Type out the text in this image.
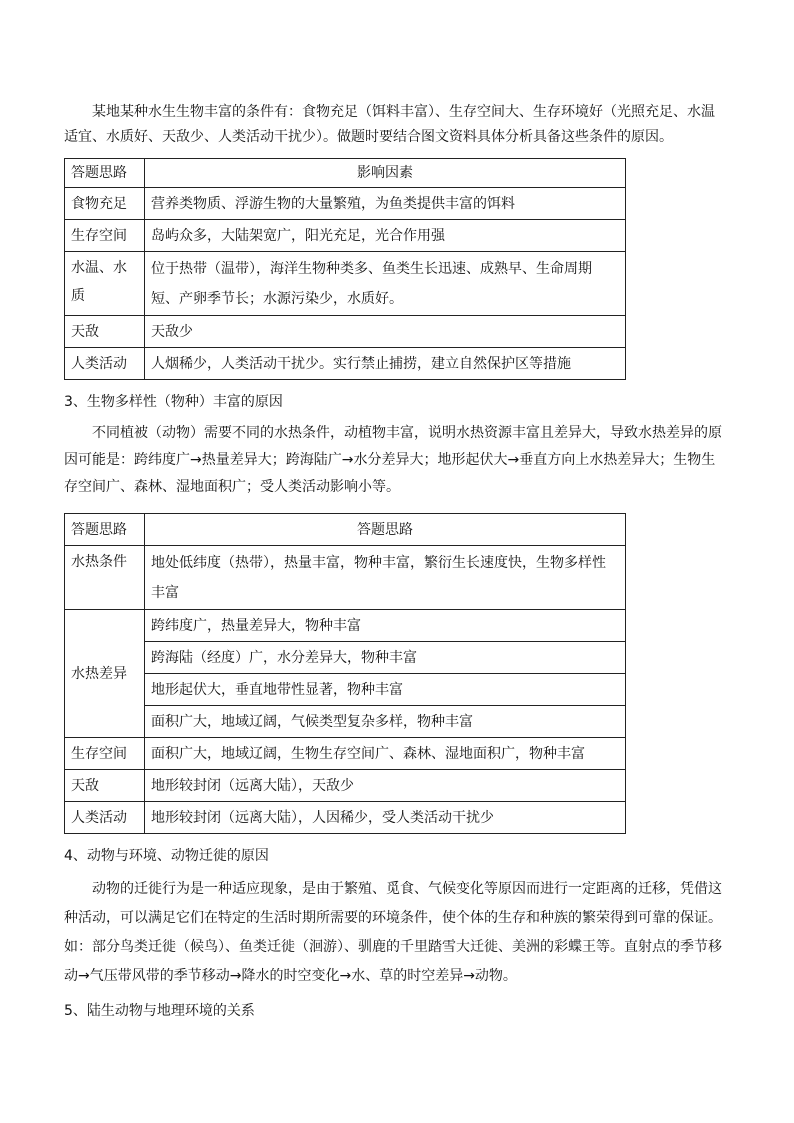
某地某种水生生物丰富的条件有：食物充足（饵料丰富）、生存空间大、生存环境好（光照充足、水温适宜、水质好、天敌少、人类活动干扰少）。做题时要结合图文资料具体分析具备这些条件的原因。

答题思路	影响因素
食物充足	营养类物质、浮游生物的大量繁殖，为鱼类提供丰富的饵料
生存空间	岛屿众多，大陆架宽广，阳光充足，光合作用强
水温、水质	位于热带（温带），海洋生物种类多、鱼类生长迅速、成熟早、生命周期短、产卵季节长；水源污染少，水质好。
天敌	天敌少
人类活动	人烟稀少，人类活动干扰少。实行禁止捕捞，建立自然保护区等措施

3、生物多样性（物种）丰富的原因

不同植被（动物）需要不同的水热条件，动植物丰富，说明水热资源丰富且差异大，导致水热差异的原因可能是：跨纬度广→热量差异大；跨海陆广→水分差异大；地形起伏大→垂直方向上水热差异大；生物生存空间广、森林、湿地面积广；受人类活动影响小等。

答题思路	答题思路
水热条件	地处低纬度（热带），热量丰富，物种丰富，繁衍生长速度快，生物多样性丰富
水热差异	跨纬度广，热量差异大，物种丰富
	跨海陆（经度）广，水分差异大，物种丰富
	地形起伏大，垂直地带性显著，物种丰富
	面积广大，地域辽阔，气候类型复杂多样，物种丰富
生存空间	面积广大，地域辽阔，生物生存空间广、森林、湿地面积广，物种丰富
天敌	地形较封闭（远离大陆），天敌少
人类活动	地形较封闭（远离大陆），人因稀少，受人类活动干扰少

4、动物与环境、动物迁徙的原因

动物的迁徙行为是一种适应现象，是由于繁殖、觅食、气候变化等原因而进行一定距离的迁移，凭借这种活动，可以满足它们在特定的生活时期所需要的环境条件，使个体的生存和种族的繁荣得到可靠的保证。如：部分鸟类迁徙（候鸟）、鱼类迁徙（洄游）、驯鹿的千里踏雪大迁徙、美洲的彩蝶王等。直射点的季节移动→气压带风带的季节移动→降水的时空变化→水、草的时空差异→动物。

5、陆生动物与地理环境的关系
